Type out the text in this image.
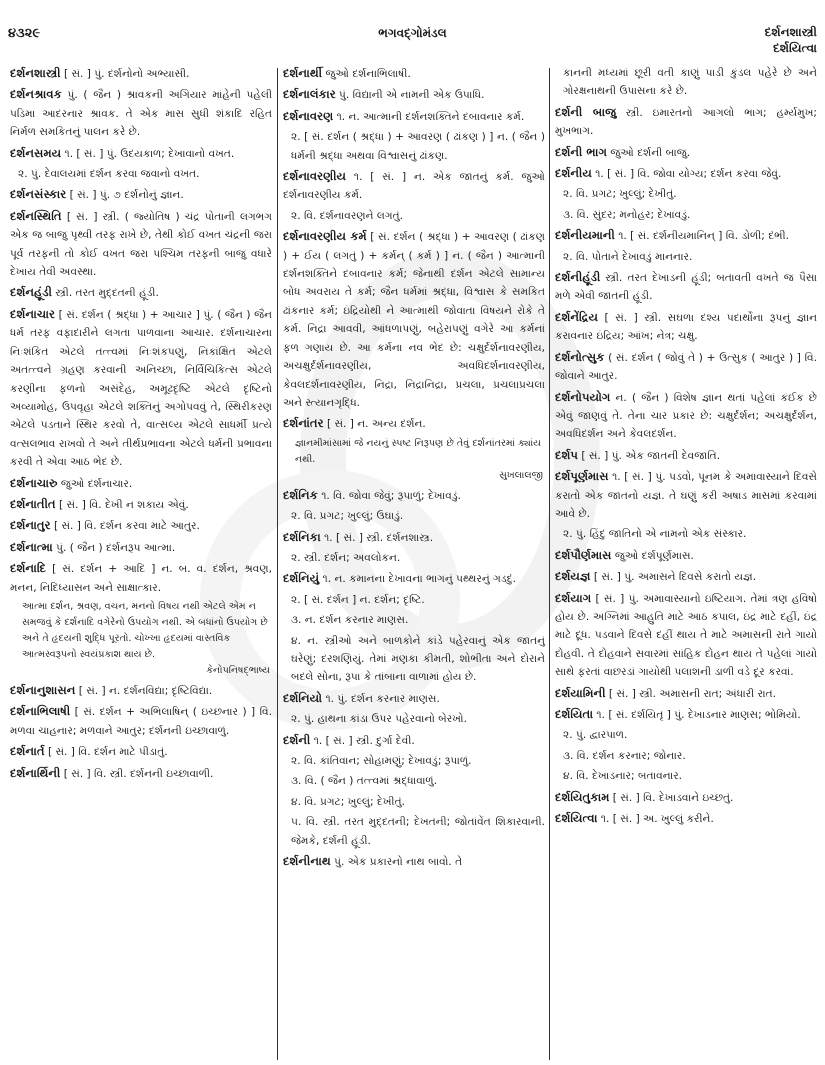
૪૩૨૯	ભગવદ્ગોમંડલ	દર્શનશાસ્ત્રી
દર્શયિત્વા
દર્શનશાસ્ત્રી [ સં. ] પું. દર્શનોનો અભ્યાસી.
દર્શનશ્રાવક પું. ( જૈન ) શ્રાવકની અગિયાર માંહેની પહેલી પડિમા આદરનાર શ્રાવક. તે એક માસ સુધી શંકાદિ રહિત નિર્મળ સમકિતનું પાલન કરે છે.
દર્શનસમય ૧. [ સં. ] પું. ઉદયકાળ; દેખાવાનો વખત.
૨. પું. દેવાલયમાં દર્શન કરવા જવાનો વખત.
દર્શનસંસ્કાર [ સં. ] પું. ૭ દર્શનોનું જ્ઞાન.
દર્શનસ્થિતિ [ સં. ] સ્ત્રી. ( જ્યોતિષ ) ચંદ્ર પોતાની લગભગ એક જ બાજુ પૃથ્વી તરફ રાખે છે, તેથી કોઈ વખત ચંદ્રની જરા પૂર્વ તરફની તો કોઈ વખત જરા પશ્ચિમ તરફની બાજુ વધારે દેખાય તેવી અવસ્થા.
દર્શનહૂંડી સ્ત્રી. તરત મુદ્દતની હૂંડી.
દર્શનાચાર [ સં. દર્શન ( શ્રદ્ધા ) + આચાર ] પું. ( જૈન ) જૈન ધર્મ તરફ વફાદારીને લગતા પાળવાના આચાર. દર્શનાચારના નિઃશંકિત એટલે તત્ત્વમાં નિઃશંકપણું, નિકાંક્ષિત એટલે અતત્ત્વને ગ્રહણ કરવાની અનિચ્છા, નિર્વિચિકિત્સ એટલે કરણીના ફળનો અસંદેહ, અમૂઢદૃષ્ટિ એટલે દૃષ્ટિનો અવ્યામોહ, ઉપવૃહા એટલે શક્તિનું અગોપવવું તે, સ્થિરીકરણ એટલે પડતાને સ્થિર કરવો તે, વાત્સલ્ય એટલે સાધર્મી પ્રત્યે વત્સલભાવ રાખવો તે અને તીર્થપ્રભાવના એટલે ધર્મની પ્રભાવના કરવી તે એવા આઠ ભેદ છે.
દર્શનાચારુ જુઓ દર્શનાચાર.
દર્શનાતીત [ સં. ] વિ. દેખી ન શકાય એવું.
દર્શનાતુર [ સં. ] વિ. દર્શન કરવા માટે આતુર.
દર્શનાત્મા પું. ( જૈન ) દર્શનરૂપ આત્મા.
દર્શનાદિ [ સં. દર્શન + આદિ ] ન. બ. વ. દર્શન, શ્રવણ, મનન, નિદિધ્યાસન અને સાક્ષાત્કાર.
આત્મા દર્શન, શ્રવણ, વચન, મનનો વિષય નથી એટલે એમ ન સમજવું કે દર્શનાદિ વગેરેનો ઉપયોગ નથી. એ બધાંનો ઉપયોગ છે અને તે હૃદયની શુદ્ધિ પૂરતો. ચોખ્ખા હૃદયમાં વાસ્તવિક આત્મસ્વરૂપનો સ્વયંપ્રકાશ થાય છે.
કેનોપનિષદ્ભાષ્ય
દર્શનાનુશાસન [ સં. ] ન. દર્શનવિદ્યા; દૃષ્ટિવિદ્યા.
દર્શનાભિલાષી [ સં. દર્શન + અભિલાષિન્ ( ઇચ્છનાર ) ] વિ. મળવા ચાહનાર; મળવાને આતુર; દર્શનની ઇચ્છાવાળું.
દર્શનાર્ત [ સં. ] વિ. દર્શન માટે પીડાતું.
દર્શનાર્થિની [ સં. ] વિ. સ્ત્રી. દર્શનની ઇચ્છાવાળી.
દર્શનાર્થી જુઓ દર્શનાભિલાષી.
દર્શનાલંકાર પું. વિદ્યાની એ નામની એક ઉપાધિ.
દર્શનાવરણ ૧. ન. આત્માની દર્શનશક્તિને દબાવનાર કર્મ.
૨. [ સં. દર્શન ( શ્રદ્ધા ) + આવરણ ( ઢાંકણ ) ] ન. ( જૈન ) ધર્મની શ્રદ્ધા અથવા વિશ્વાસનું ઢાંકણ.
દર્શનાવરણીય ૧. [ સં. ] ન. એક જાતનું કર્મ. જુઓ દર્શનાવરણીય કર્મ.
૨. વિ. દર્શનાવરણને લગતું.
દર્શનાવરણીય કર્મ [ સં. દર્શન ( શ્રદ્ધા ) + આવરણ ( ઢાંકણ ) + ઈય ( લગતું ) + કર્મન્ ( કર્મ ) ] ન. ( જૈન ) આત્માની દર્શનશક્તિને દબાવનાર કર્મ; જેનાથી દર્શન એટલે સામાન્ય બોધ અવરાય તે કર્મ; જૈન ધર્મમાં શ્રદ્ધા, વિશ્વાસ કે સમકિત ઢાંકનાર કર્મ; ઇંદ્રિયોથી ને આત્માથી જોવાતા વિષયને રોકે તે કર્મ. નિદ્રા આવવી, આંધળાપણું, બહેરાપણું વગેરે આ કર્મનાં ફળ ગણાય છે. આ કર્મના નવ ભેદ છે: ચક્ષુર્દર્શનાવરણીય, અચક્ષુર્દર્શનાવરણીય, અવધિદર્શનાવરણીય, કેવલદર્શનાવરણીય, નિદ્રા, નિદ્રાનિદ્રા, પ્રચલા, પ્રચલાપ્રચલા અને સ્ત્યાનગૃદ્ધિ.
દર્શનાંતર [ સં. ] ન. અન્ય દર્શન.
જ્ઞાનમીમાંસામાં જે નયનું સ્પષ્ટ નિરૂપણ છે તેવું દર્શનાંતરમાં ક્યાંય નથી.
સુખલાલજી
દર્શનિક ૧. વિ. જોવા જેવું; રૂપાળું; દેખાવડું.
૨. વિ. પ્રગટ; ખુલ્લું; ઉઘાડું.
દર્શનિકા ૧. [ સં. ] સ્ત્રી. દર્શનશાસ્ત્ર.
૨. સ્ત્રી. દર્શન; અવલોકન.
દર્શનિયું ૧. ન. કમાનના દેખાવના ભાગનું પથ્થરનું ગડદું.
૨. [ સં. દર્શન ] ન. દર્શન; દૃષ્ટિ.
૩. ન. દર્શન કરનાર માણસ.
૪. ન. સ્ત્રીઓ અને બાળકોને કાંડે પહેરવાનું એક જાતનું ઘરેણું; દરશણિયું. તેમાં મણકા કીમતી, શોભીતા અને દોરાને બદલે સોના, રૂપા કે તાંબાના વાળામાં હોય છે.
દર્શનિયો ૧. પું. દર્શન કરનાર માણસ.
૨. પું. હાથના કાંડા ઉપર પહેરવાનો બેરખો.
દર્શની ૧. [ સં. ] સ્ત્રી. દુર્ગા દેવી.
૨. વિ. કાંતિવાન; સોહામણું; દેખાવડું; રૂપાળું.
૩. વિ. ( જૈન ) તત્ત્વમાં શ્રદ્ધાવાળું.
૪. વિ. પ્રગટ; ખુલ્લું; દેખીતું.
૫. વિ. સ્ત્રી. તરત મુદ્દતની; દેખતની; જોતાંવેંત શિકારવાની. જેમકે, દર્શની હૂંડી.
દર્શનીનાથ પું. એક પ્રકારનો નાથ બાવો. તે
કાનની મધ્યમાં છૂરી વતી કાણું પાડી કુંડલ પહેરે છે અને ગોરક્ષનાથની ઉપાસના કરે છે.
દર્શની બાજુ સ્ત્રી. ઇમારતનો આગલો ભાગ; હર્મ્યમુખ; મુખભાગ.
દર્શની ભાગ જુઓ દર્શની બાજુ.
દર્શનીય ૧. [ સં. ] વિ. જોવા યોગ્ય; દર્શન કરવા જેવું.
૨. વિ. પ્રગટ; ખુલ્લું; દેખીતું.
૩. વિ. સુંદર; મનોહર; દેખાવડું.
દર્શનીયમાની ૧. [ સં. દર્શનીયમાનિન્ ] વિ. ડોળી; દંભી.
૨. વિ. પોતાને દેખાવડું માનનાર.
દર્શનીહૂંડી સ્ત્રી. તરત દેખાડની હૂંડી; બતાવતી વખતે જ પૈસા મળે એવી જાતની હૂંડી.
દર્શનેંદ્રિય [ સં. ] સ્ત્રી. સઘળા દશ્ય પદાર્થોના રૂપનું જ્ઞાન કરાવનાર ઇંદ્રિય; આંખ; નેત્ર; ચક્ષુ.
દર્શનોત્સુક ( સં. દર્શન ( જોવું તે ) + ઉત્સુક ( આતુર ) ] વિ. જોવાને આતુર.
દર્શનોપયોગ ન. ( જૈન ) વિશેષ જ્ઞાન થતાં પહેલાં કંઈક છે એવું જાણવું તે. તેના ચાર પ્રકાર છે: ચક્ષુર્દર્શન; અચક્ષુર્દર્શન, અવધિદર્શન અને કેવલદર્શન.
દર્શપ [ સં. ] પું. એક જાતની દેવજાતિ.
દર્શપૂર્ણમાસ ૧. [ સં. ] પું. પડવો, પૂનમ કે અમાવાસ્યાને દિવસે કરાતો એક જાતનો યજ્ઞ. તે ઘણું કરી અષાડ માસમાં કરવામાં આવે છે.
૨. પું. હિંદુ જાતિનો એ નામનો એક સંસ્કાર.
દર્શપૌર્ણમાસ જુઓ દર્શપૂર્ણમાસ.
દર્શયજ્ઞ [ સં. ] પું. અમાસને દિવસે કરાતો યજ્ઞ.
દર્શયાગ [ સં. ] પું. અમાવાસ્યાનો ઇષ્ટિયાગ. તેમાં ત્રણ હવિષો હોય છે. અગ્નિમાં આહુતિ માટે આઠ કપાલ, ઇંદ્ર માટે દહીં, ઇંદ્ર માટે દૂધ. પડવાને દિવસે દહીં થાય તે માટે અમાસની રાતે ગાયો દોહવી. તે દોહવાને સવારમાં સાંહિક દોહન થાય તે પહેલાં ગાયો સાથે ફરતાં વાછરડાં ગાયોથી પલાશની ડાળી વડે દૂર કરવાં.
દર્શયામિની [ સં. ] સ્ત્રી. અમાસની રાત; અંધારી રાત.
દર્શયિતા ૧. [ સં. દર્શયિતૃ ] પું. દેખાડનાર માણસ; ભોમિયો.
૨. પું. દ્વારપાળ.
૩. વિ. દર્શન કરનાર; જોનાર.
૪. વિ. દેખાડનાર; બતાવનાર.
દર્શયિતુકામ [ સં. ] વિ. દેખાડવાને ઇચ્છતું.
દર્શયિત્વા ૧. [ સં. ] અ. ખુલ્લું કરીને.
